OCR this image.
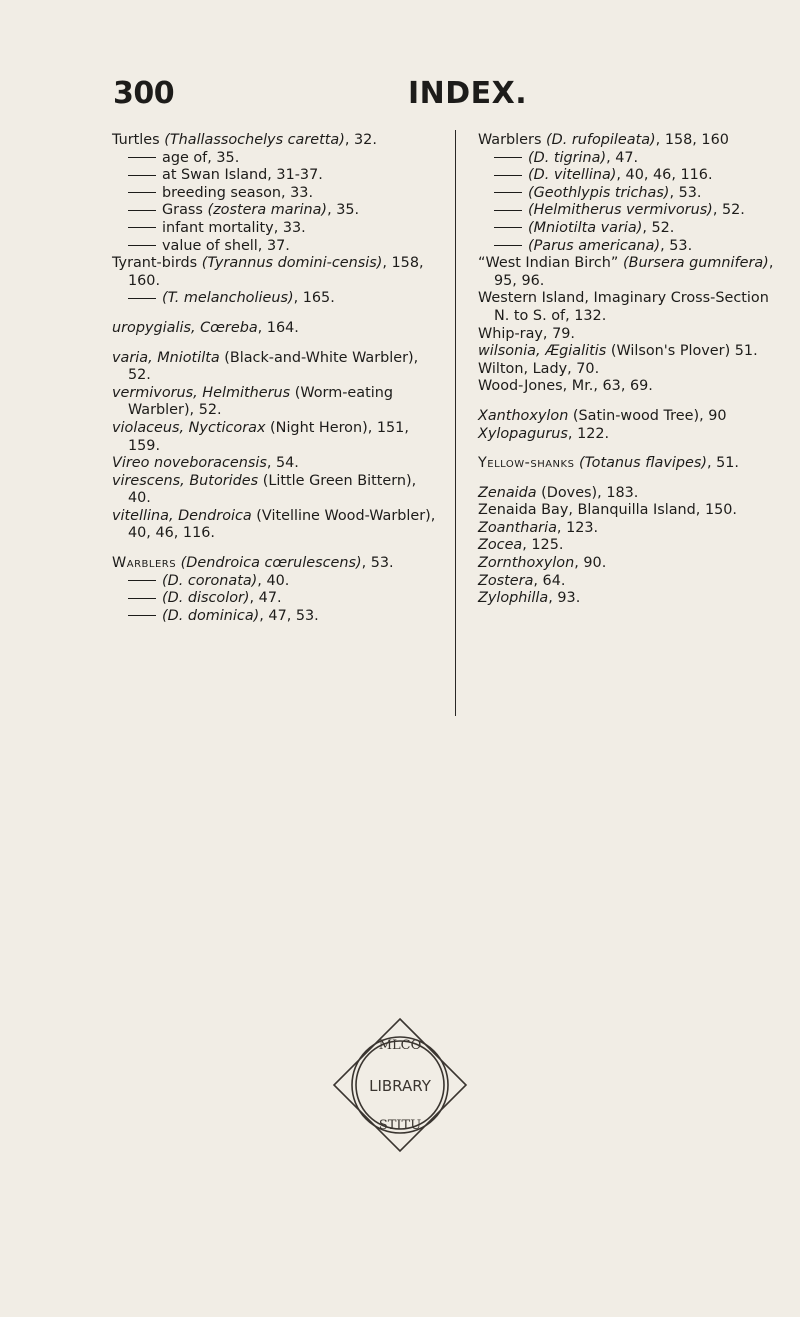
300	INDEX.

Turtles (Thallassochelys caretta), 32.

age of, 35.

at Swan Island, 31-37.

breeding season, 33.

Grass (zostera marina), 35.

infant mortality, 33.

value of shell, 37.

Tyrant-birds (Tyrannus domini-censis), 158, 160.

(T. melancholieus), 165.

uropygialis, Cœreba, 164.

varia, Mniotilta (Black-and-White Warbler), 52.

vermivorus, Helmitherus (Worm-eating Warbler), 52.

violaceus, Nycticorax (Night Heron), 151, 159.

Vireo noveboracensis, 54.

virescens, Butorides (Little Green Bittern), 40.

vitellina, Dendroica (Vitelline Wood-Warbler), 40, 46, 116.

Warblers (Dendroica cœrulescens), 53.

(D. coronata), 40.

(D. discolor), 47.

(D. dominica), 47, 53.

Warblers (D. rufopileata), 158, 160

(D. tigrina), 47.

(D. vitellina), 40, 46, 116.

(Geothlypis trichas), 53.

(Helmitherus vermivorus), 52.

(Mniotilta varia), 52.

(Parus americana), 53.

“West Indian Birch” (Bursera gumnifera), 95, 96.

Western Island, Imaginary Cross-Section N. to S. of, 132.

Whip-ray, 79.

wilsonia, Ægialitis (Wilson's Plover) 51.

Wilton, Lady, 70.

Wood-Jones, Mr., 63, 69.

Xanthoxylon (Satin-wood Tree), 90

Xylopagurus, 122.

Yellow-shanks (Totanus flavipes), 51.

Zenaida (Doves), 183.

Zenaida Bay, Blanquilla Island, 150.

Zoantharia, 123.

Zocea, 125.

Zornthoxylon, 90.

Zostera, 64.

Zylophilla, 93.

MLCO
LIBRARY
STITU
